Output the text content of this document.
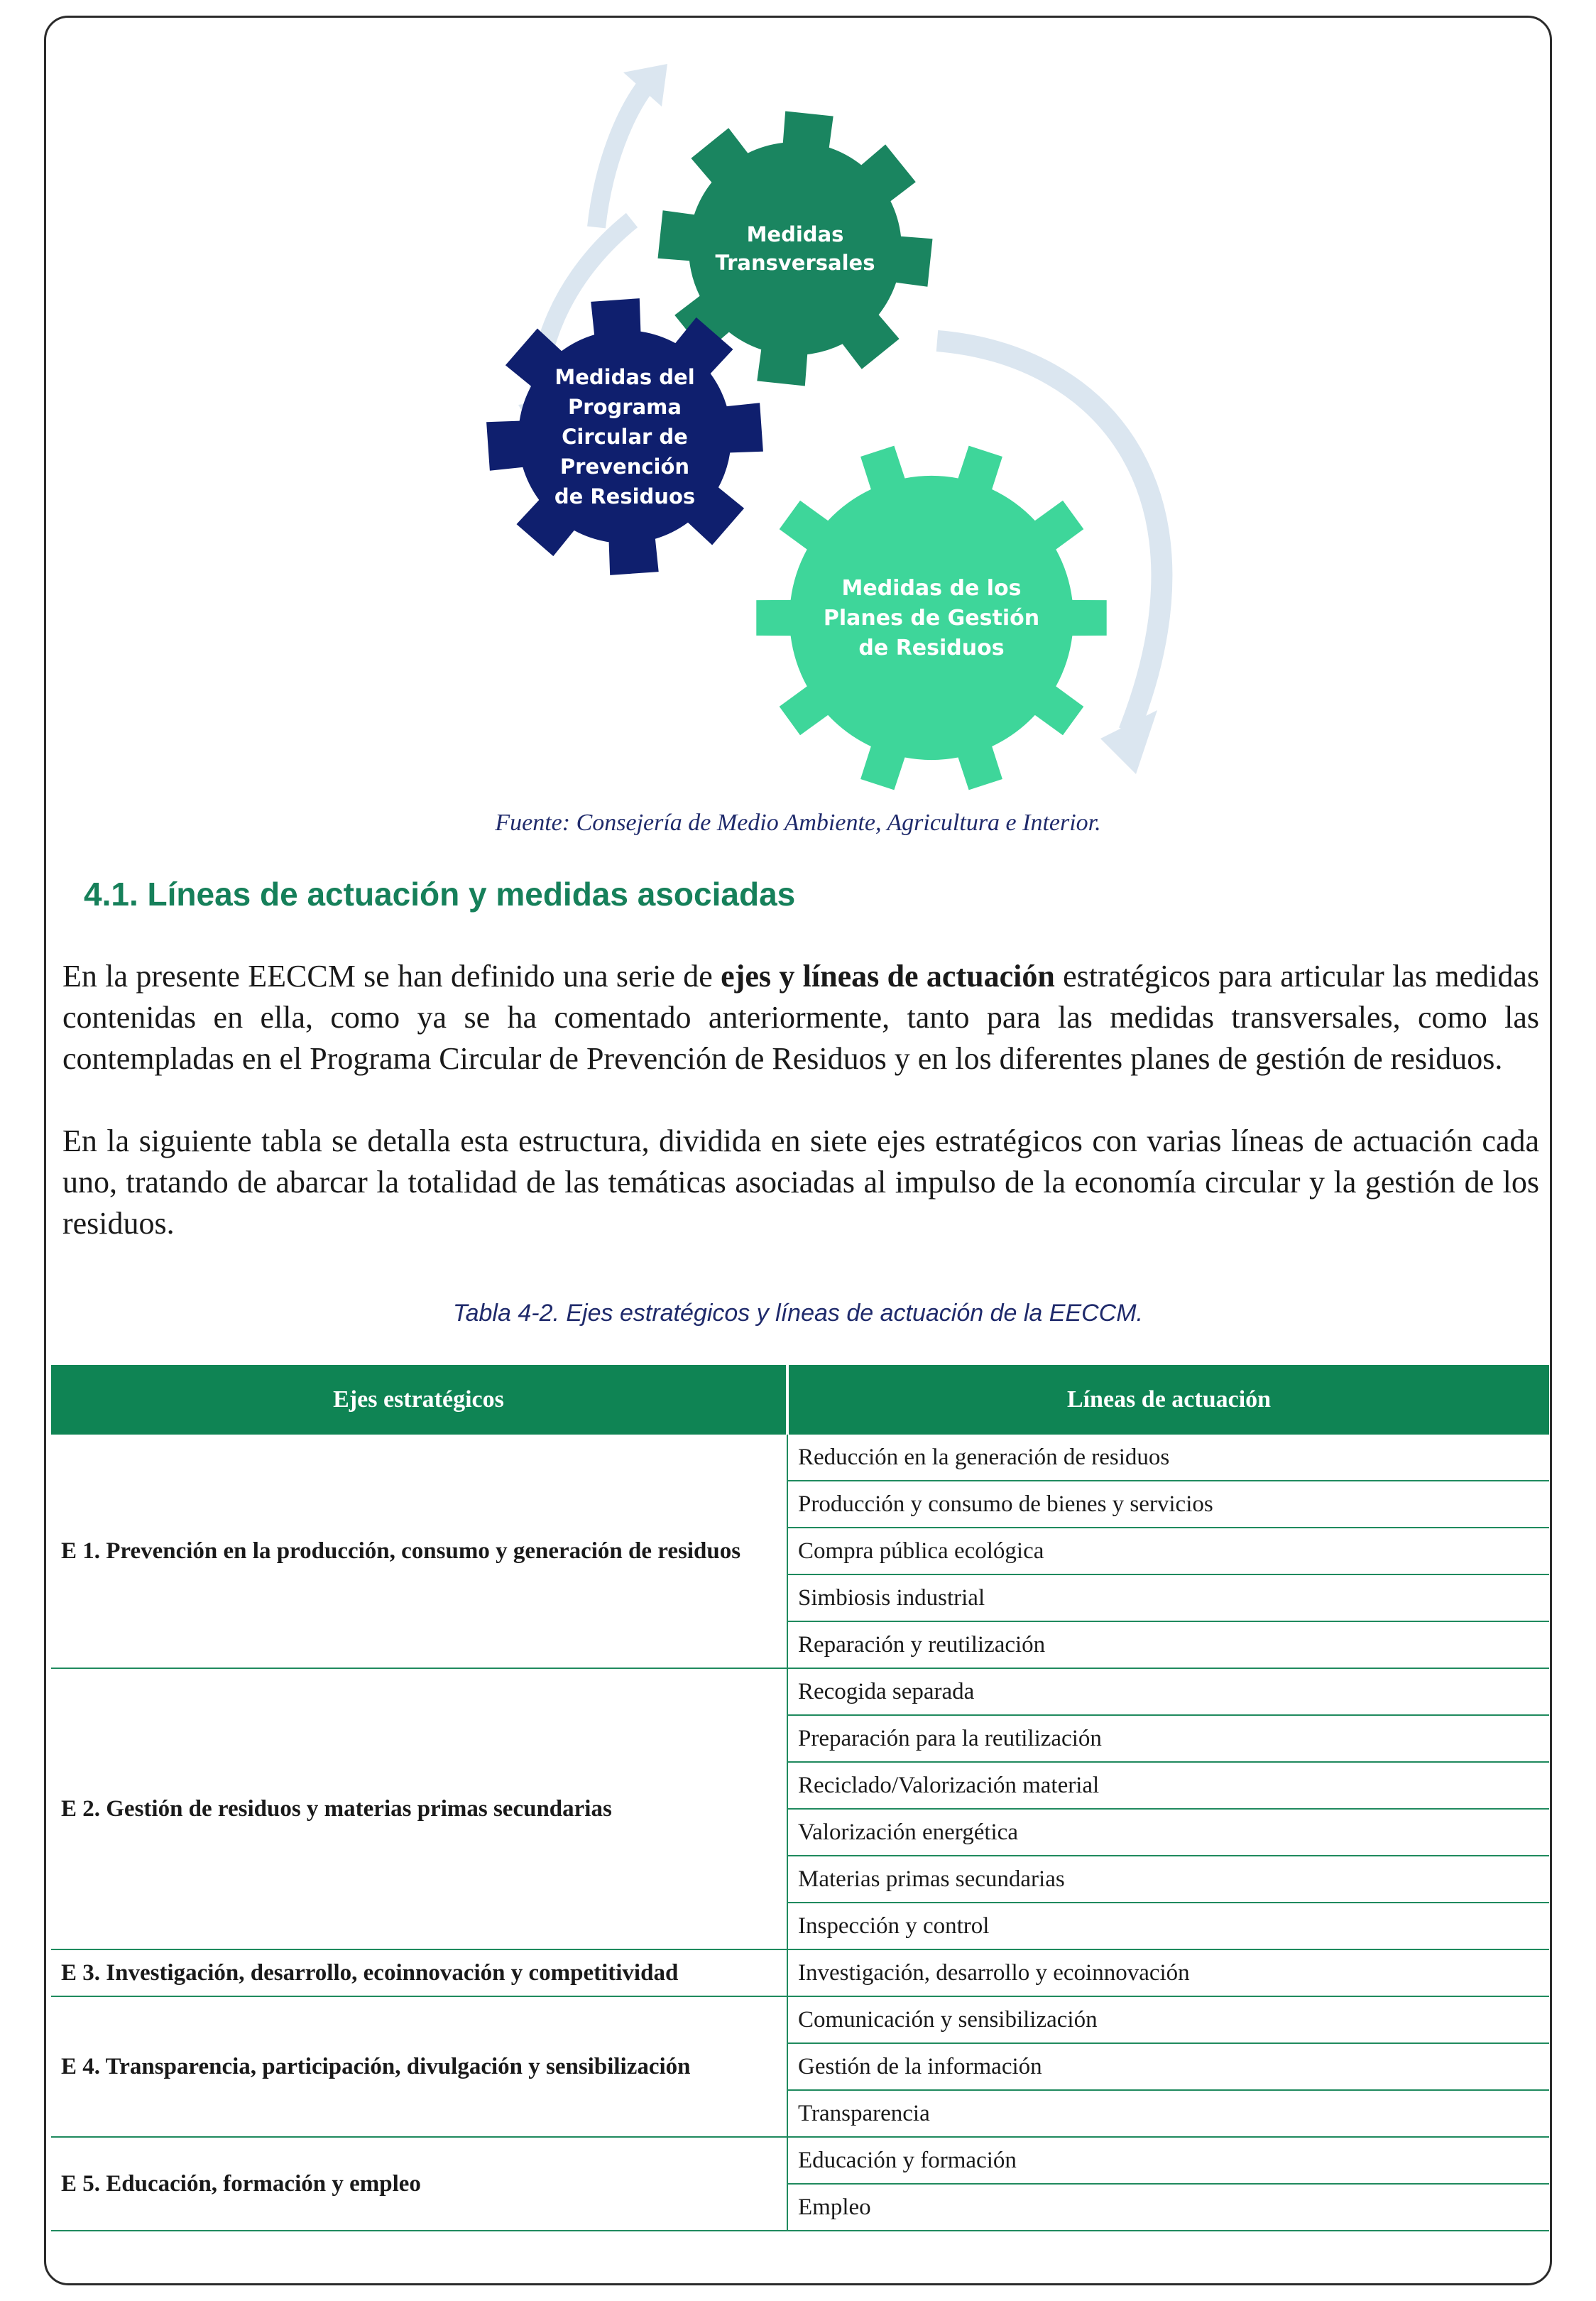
Medidas
Transversales
Medidas del
Programa
Circular de
Prevención
de Residuos
Medidas de los
Planes de Gestión
de Residuos
Fuente: Consejería de Medio Ambiente, Agricultura e Interior.
4.1. Líneas de actuación y medidas asociadas
En la presente EECCM se han definido una serie de ejes y líneas de actuación estratégicos para articular las medidas contenidas en ella, como ya se ha comentado anteriormente, tanto para las medidas transversales, como las contempladas en el Programa Circular de Prevención de Residuos y en los diferentes planes de gestión de residuos.
En la siguiente tabla se detalla esta estructura, dividida en siete ejes estratégicos con varias líneas de actuación cada uno, tratando de abarcar la totalidad de las temáticas asociadas al impulso de la economía circular y la gestión de los residuos.
Tabla 4-2. Ejes estratégicos y líneas de actuación de la EECCM.
Ejes estratégicos	Líneas de actuación
E 1. Prevención en la producción, consumo y generación de residuos	Reducción en la generación de residuos
	Producción y consumo de bienes y servicios
	Compra pública ecológica
	Simbiosis industrial
	Reparación y reutilización
E 2. Gestión de residuos y materias primas secundarias	Recogida separada
	Preparación para la reutilización
	Reciclado/Valorización material
	Valorización energética
	Materias primas secundarias
	Inspección y control
E 3. Investigación, desarrollo, ecoinnovación y competitividad	Investigación, desarrollo y ecoinnovación
E 4. Transparencia, participación, divulgación y sensibilización	Comunicación y sensibilización
	Gestión de la información
	Transparencia
E 5. Educación, formación y empleo	Educación y formación
	Empleo
